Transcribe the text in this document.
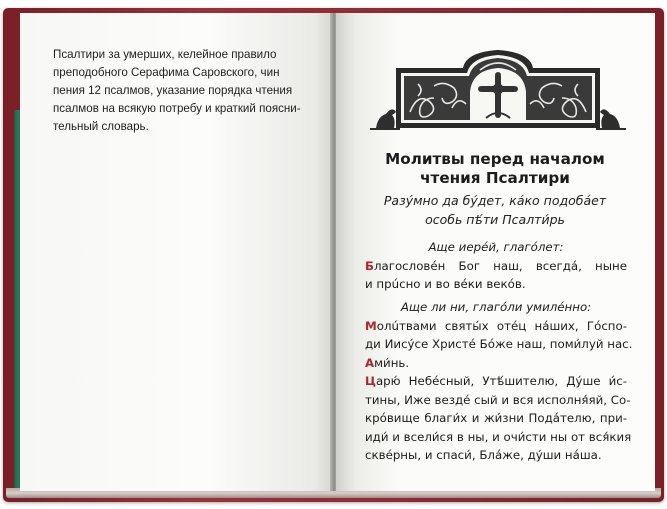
Псалтири за умерших, келейное правило
преподобного Серафима Саровского, чин
пения 12 псалмов, указание порядка чтения
псалмов на всякую потребу и краткий поясни-
тельный словарь.
Молитвы перед началом
чтения Псалтири
Разýмно да бýдет, кáко подобáет
особь пѣ́ти Псалти́рь
Аще иерéй, глагóлет:
Благословéн Бог наш, всегдá, нынe
и прúсно и во вéки векóв.
Аще ли ни, глагóли умилéнно:
Молúтвами святы́х отéц нáших, Гóспо-
ди Иису́се Христé Бóже наш, поми́луй нас.
Ами́нь.
Царю́ Небéсный, Утѣ́шителю, Дýше и́с-
тины, Иже вездé сый и вся исполня́яй, Со-
крóвище благи́х и жи́зни Подáтелю, при-
иди́ и всели́ся в ны, и очи́сти ны от вся́кия
сквéрны, и спаси́, Блáже, дýши нáша.
